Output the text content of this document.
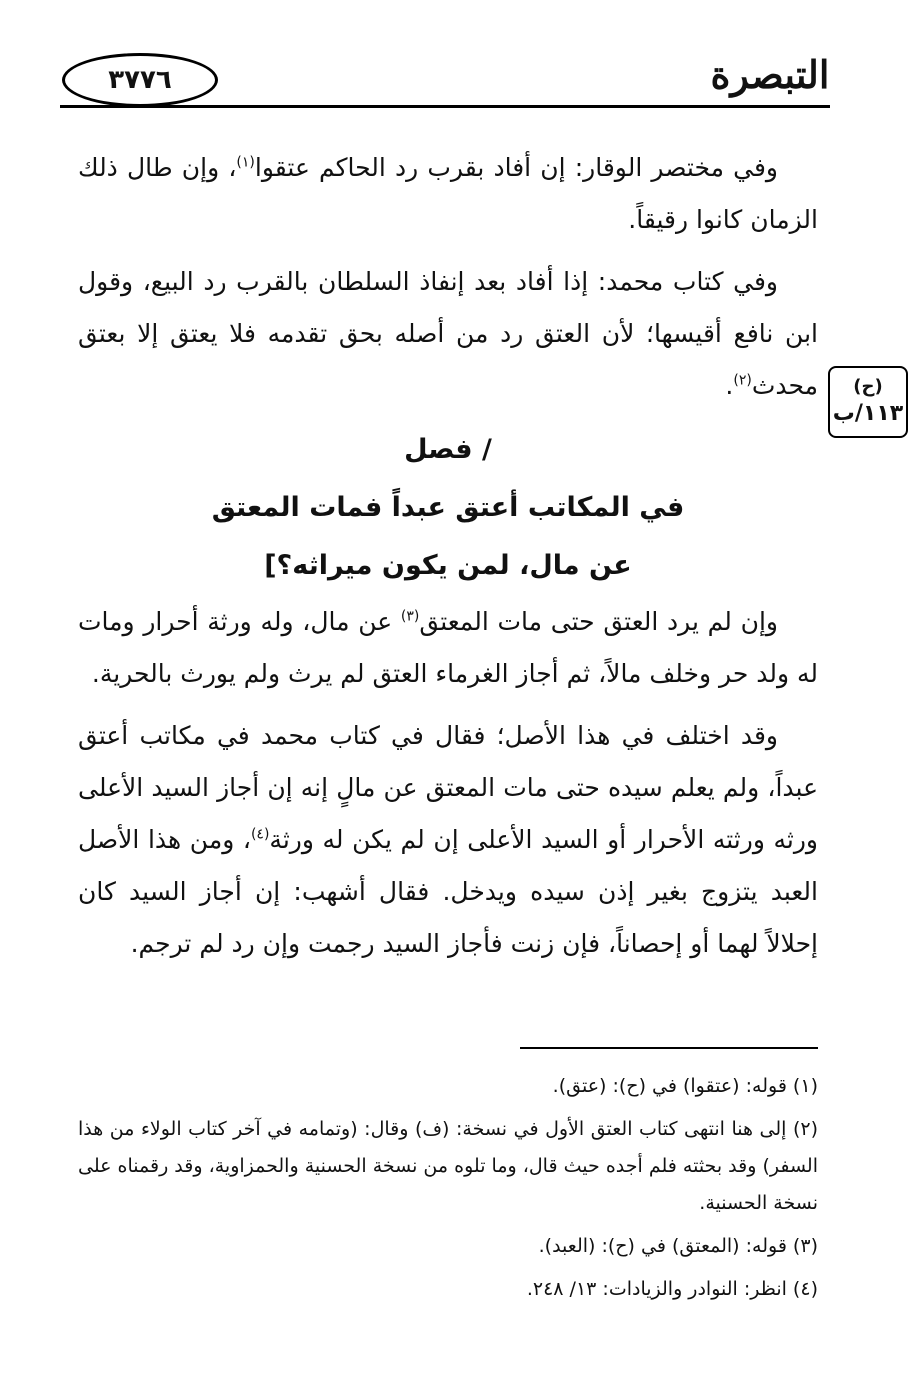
التبصرة
٣٧٧٦
(ح)
١١٣/ب

وفي مختصر الوقار: إن أفاد بقرب رد الحاكم عتقوا$^{(١)}$، وإن طال ذلك الزمان كانوا رقيقاً.

وفي كتاب محمد: إذا أفاد بعد إنفاذ السلطان بالقرب رد البيع، وقول ابن نافع أقيسها؛ لأن العتق رد من أصله بحق تقدمه فلا يعتق إلا بعتق محدث$^{(٢)}$.

/ فصل
في المكاتب أعتق عبداً فمات المعتق
عن مال، لمن يكون ميراثه؟]

وإن لم يرد العتق حتى مات المعتق$^{(٣)}$ عن مال، وله ورثة أحرار ومات له ولد حر وخلف مالاً، ثم أجاز الغرماء العتق لم يرث ولم يورث بالحرية.

وقد اختلف في هذا الأصل؛ فقال في كتاب محمد في مكاتب أعتق عبداً، ولم يعلم سيده حتى مات المعتق عن مالٍ إنه إن أجاز السيد الأعلى ورثه ورثته الأحرار أو السيد الأعلى إن لم يكن له ورثة$^{(٤)}$، ومن هذا الأصل العبد يتزوج بغير إذن سيده ويدخل. فقال أشهب: إن أجاز السيد كان إحلالاً لهما أو إحصاناً، فإن زنت فأجاز السيد رجمت وإن رد لم ترجم.

(١) قوله: (عتقوا) في (ح): (عتق).

(٢) إلى هنا انتهى كتاب العتق الأول في نسخة: (ف) وقال: (وتمامه في آخر كتاب الولاء من هذا السفر) وقد بحثته فلم أجده حيث قال، وما تلوه من نسخة الحسنية والحمزاوية، وقد رقمناه على نسخة الحسنية.

(٣) قوله: (المعتق) في (ح): (العبد).

(٤) انظر: النوادر والزيادات: ١٣/ ٢٤٨.
